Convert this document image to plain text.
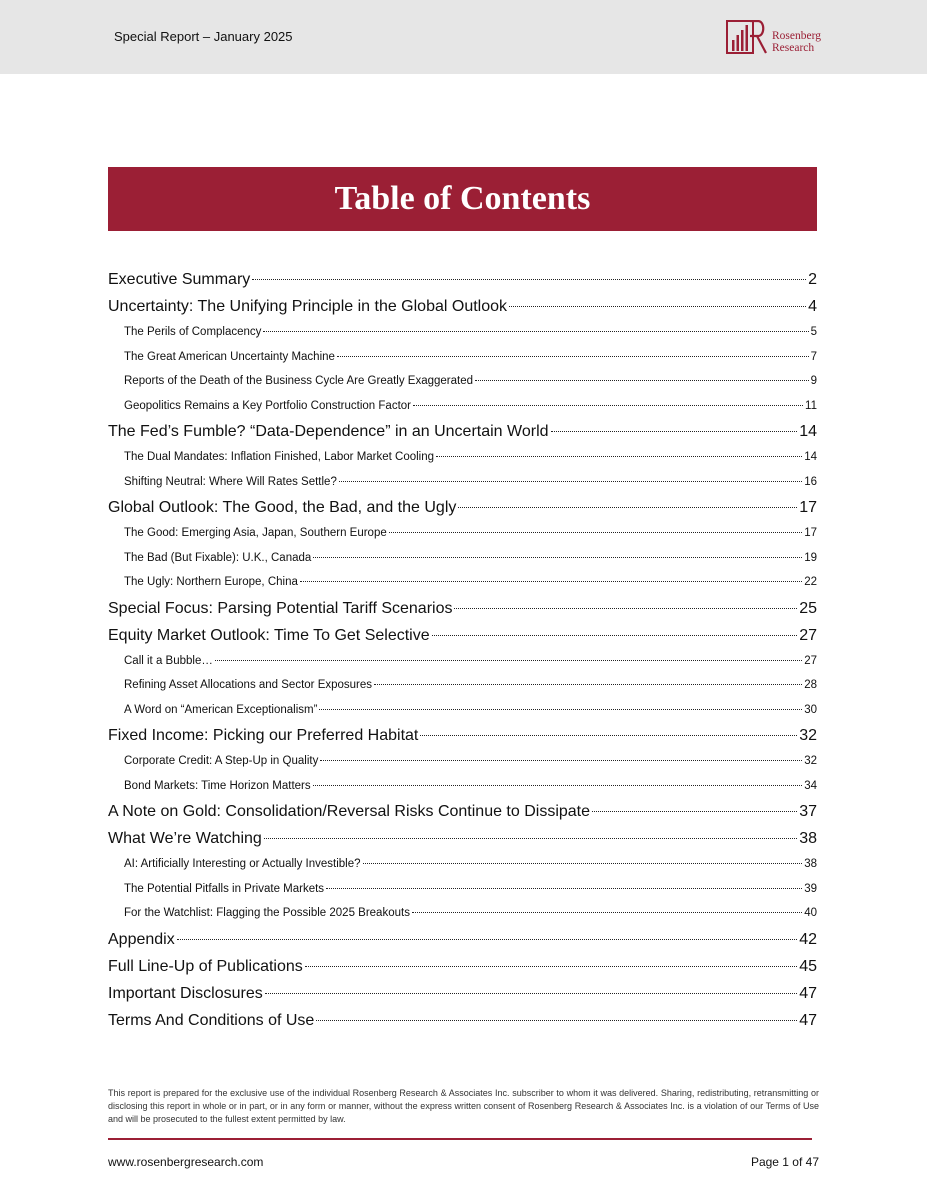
Special Report – January 2025	Rosenberg
Research
Table of Contents
Executive Summary	2
Uncertainty: The Unifying Principle in the Global Outlook	4
The Perils of Complacency	5
The Great American Uncertainty Machine	7
Reports of the Death of the Business Cycle Are Greatly Exaggerated	9
Geopolitics Remains a Key Portfolio Construction Factor	11
The Fed’s Fumble? “Data-Dependence” in an Uncertain World	14
The Dual Mandates: Inflation Finished, Labor Market Cooling	14
Shifting Neutral: Where Will Rates Settle?	16
Global Outlook: The Good, the Bad, and the Ugly	17
The Good: Emerging Asia, Japan, Southern Europe	17
The Bad (But Fixable): U.K., Canada	19
The Ugly: Northern Europe, China	22
Special Focus: Parsing Potential Tariff Scenarios	25
Equity Market Outlook: Time To Get Selective	27
Call it a Bubble…	27
Refining Asset Allocations and Sector Exposures	28
A Word on “American Exceptionalism”	30
Fixed Income: Picking our Preferred Habitat	32
Corporate Credit: A Step-Up in Quality	32
Bond Markets: Time Horizon Matters	34
A Note on Gold: Consolidation/Reversal Risks Continue to Dissipate	37
What We’re Watching	38
AI: Artificially Interesting or Actually Investible?	38
The Potential Pitfalls in Private Markets	39
For the Watchlist: Flagging the Possible 2025 Breakouts	40
Appendix	42
Full Line-Up of Publications	45
Important Disclosures	47
Terms And Conditions of Use	47
This report is prepared for the exclusive use of the individual Rosenberg Research & Associates Inc. subscriber to whom it was delivered. Sharing, redistributing, retransmitting or disclosing this report in whole or in part, or in any form or manner, without the express written consent of Rosenberg Research & Associates Inc. is a violation of our Terms of Use and will be prosecuted to the fullest extent permitted by law.
www.rosenbergresearch.com	Page 1 of 47
